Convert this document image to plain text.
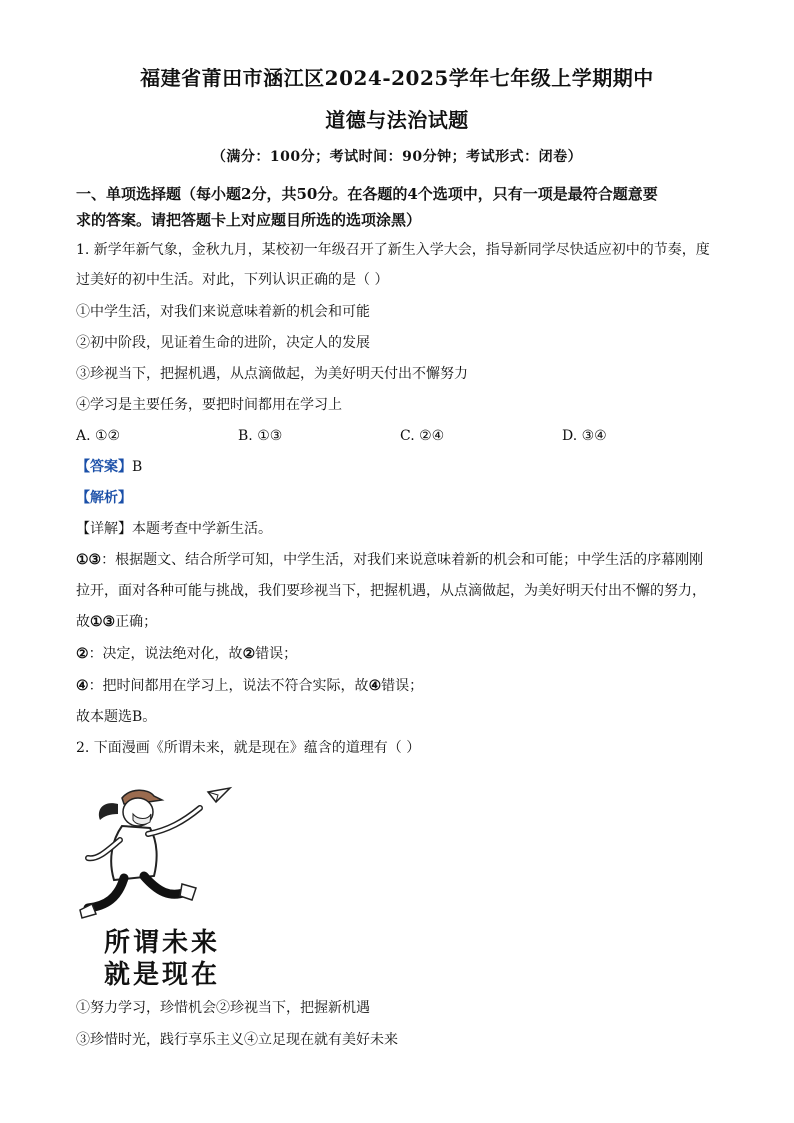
福建省莆田市涵江区2024-2025学年七年级上学期期中
道德与法治试题
（满分：100分；考试时间：90分钟；考试形式：闭卷）
一、单项选择题（每小题2分，共50分。在各题的4个选项中，只有一项是最符合题意要
求的答案。请把答题卡上对应题目所选的选项涂黑）
1. 新学年新气象，金秋九月，某校初一年级召开了新生入学大会，指导新同学尽快适应初中的节奏，度
过美好的初中生活。对此，下列认识正确的是（ ）
①中学生活，对我们来说意味着新的机会和可能
②初中阶段，见证着生命的进阶，决定人的发展
③珍视当下，把握机遇，从点滴做起，为美好明天付出不懈努力
④学习是主要任务，要把时间都用在学习上
A. ①②	B. ①③	C. ②④	D. ③④
【答案】B
【解析】
【详解】本题考查中学新生活。
①③：根据题文、结合所学可知，中学生活，对我们来说意味着新的机会和可能；中学生活的序幕刚刚
拉开，面对各种可能与挑战，我们要珍视当下，把握机遇，从点滴做起，为美好明天付出不懈的努力，
故①③正确；
②：决定，说法绝对化，故②错误；
④：把时间都用在学习上，说法不符合实际，故④错误；
故本题选B。
2. 下面漫画《所谓未来，就是现在》蕴含的道理有（ ）
所谓未来
就是现在
①努力学习，珍惜机会②珍视当下，把握新机遇
③珍惜时光，践行享乐主义④立足现在就有美好未来
